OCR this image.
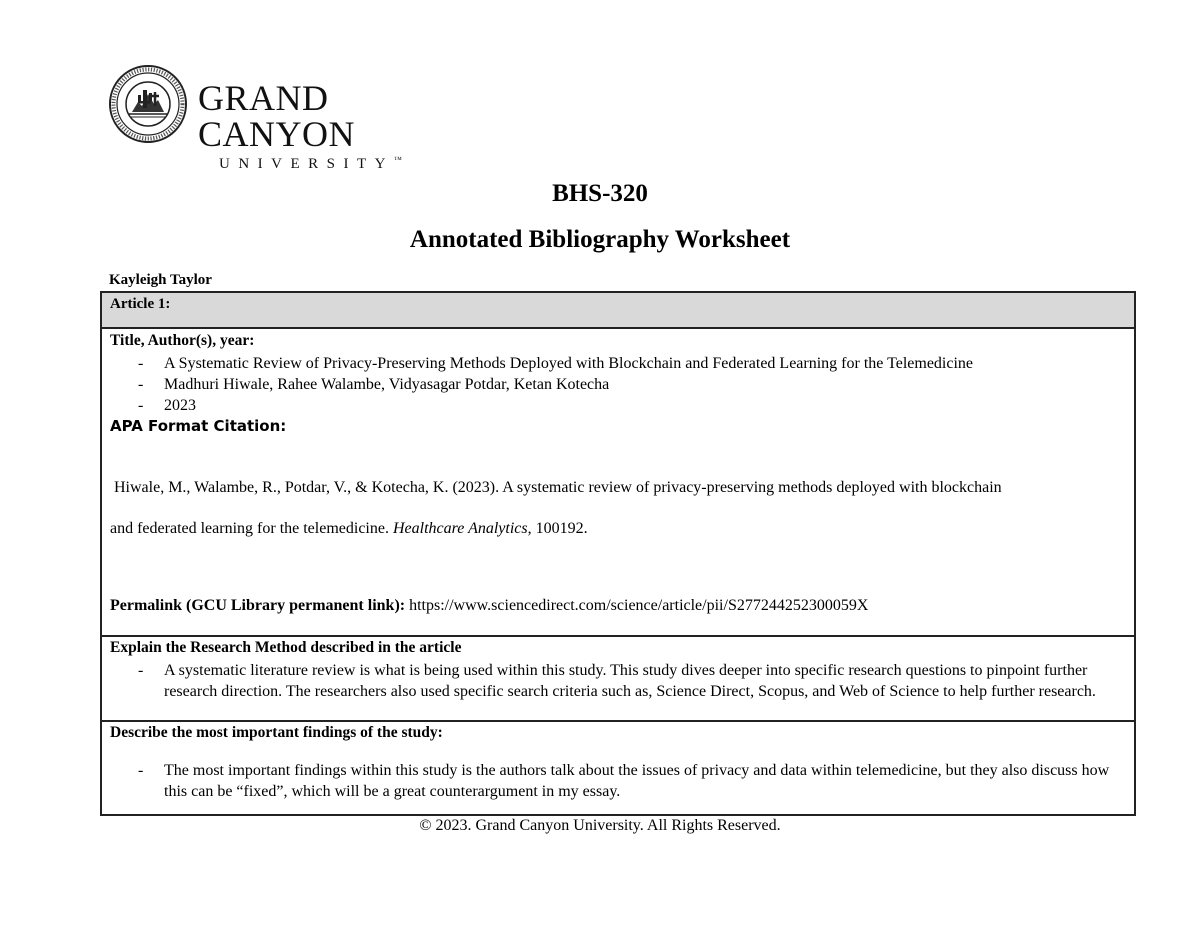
GRAND CANYON
UNIVERSITY™
BHS-320
Annotated Bibliography Worksheet
Kayleigh Taylor
Article 1:
Title, Author(s), year:
- A Systematic Review of Privacy-Preserving Methods Deployed with Blockchain and Federated Learning for the Telemedicine
- Madhuri Hiwale, Rahee Walambe, Vidyasagar Potdar, Ketan Kotecha
- 2023
APA Format Citation:
Hiwale, M., Walambe, R., Potdar, V., & Kotecha, K. (2023). A systematic review of privacy-preserving methods deployed with blockchain
and federated learning for the telemedicine. Healthcare Analytics, 100192.
Permalink (GCU Library permanent link): https://www.sciencedirect.com/science/article/pii/S277244252300059X
Explain the Research Method described in the article
- A systematic literature review is what is being used within this study. This study dives deeper into specific research questions to pinpoint further research direction. The researchers also used specific search criteria such as, Science Direct, Scopus, and Web of Science to help further research.
Describe the most important findings of the study:
- The most important findings within this study is the authors talk about the issues of privacy and data within telemedicine, but they also discuss how this can be “fixed”, which will be a great counterargument in my essay.
© 2023. Grand Canyon University. All Rights Reserved.
